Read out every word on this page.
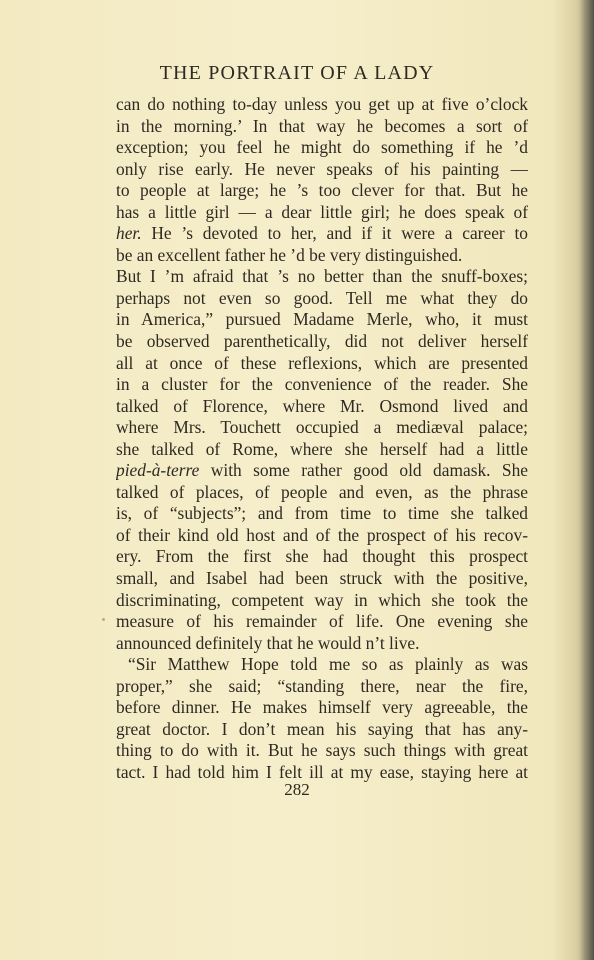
THE PORTRAIT OF A LADY
can do nothing to-day unless you get up at five o’clock
in the morning.’ In that way he becomes a sort of
exception; you feel he might do something if he ’d
only rise early. He never speaks of his painting —
to people at large; he ’s too clever for that. But he
has a little girl — a dear little girl; he does speak of
her. He ’s devoted to her, and if it were a career to
be an excellent father he ’d be very distinguished.
But I ’m afraid that ’s no better than the snuff-boxes;
perhaps not even so good. Tell me what they do
in America,” pursued Madame Merle, who, it must
be observed parenthetically, did not deliver herself
all at once of these reflexions, which are presented
in a cluster for the convenience of the reader. She
talked of Florence, where Mr. Osmond lived and
where Mrs. Touchett occupied a mediæval palace;
she talked of Rome, where she herself had a little
pied-à-terre with some rather good old damask. She
talked of places, of people and even, as the phrase
is, of “subjects”; and from time to time she talked
of their kind old host and of the prospect of his recov-
ery. From the first she had thought this prospect
small, and Isabel had been struck with the positive,
discriminating, competent way in which she took the
measure of his remainder of life. One evening she
announced definitely that he would n’t live.
“Sir Matthew Hope told me so as plainly as was
proper,” she said; “standing there, near the fire,
before dinner. He makes himself very agreeable, the
great doctor. I don’t mean his saying that has any-
thing to do with it. But he says such things with great
tact. I had told him I felt ill at my ease, staying here at
282
